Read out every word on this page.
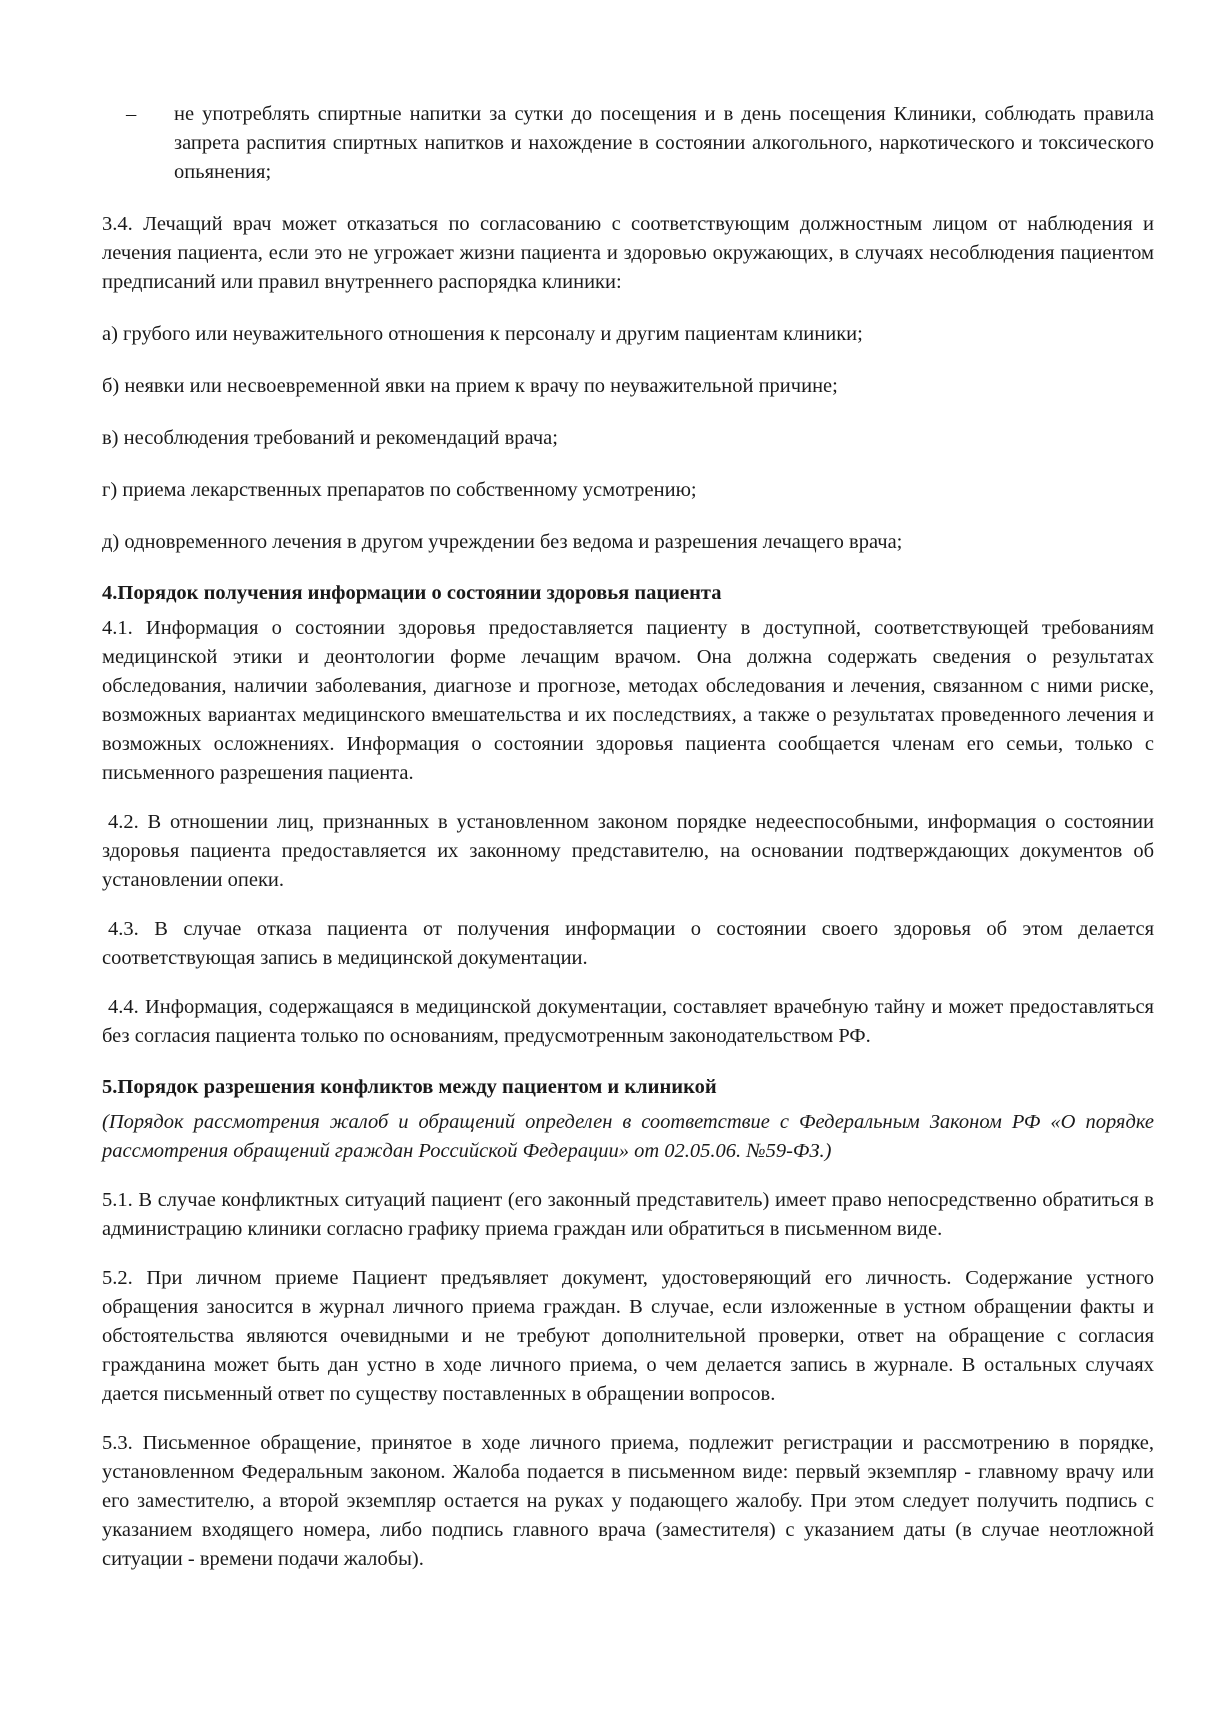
–	не употреблять спиртные напитки за сутки до посещения и в день посещения Клиники, соблюдать правила запрета распития спиртных напитков и нахождение в состоянии алкогольного, наркотического и токсического опьянения;

3.4. Лечащий врач может отказаться по согласованию с соответствующим должностным лицом от наблюдения и лечения пациента, если это не угрожает жизни пациента и здоровью окружающих, в случаях несоблюдения пациентом предписаний или правил внутреннего распорядка клиники:

а) грубого или неуважительного отношения к персоналу и другим пациентам клиники;

б) неявки или несвоевременной явки на прием к врачу по неуважительной причине;

в) несоблюдения требований и рекомендаций врача;

г) приема лекарственных препаратов по собственному усмотрению;

д) одновременного лечения в другом учреждении без ведома и разрешения лечащего врача;

4.Порядок получения информации о состоянии здоровья пациента

4.1. Информация о состоянии здоровья предоставляется пациенту в доступной, соответствующей требованиям медицинской этики и деонтологии форме лечащим врачом. Она должна содержать сведения о результатах обследования, наличии заболевания, диагнозе и прогнозе, методах обследования и лечения, связанном с ними риске, возможных вариантах медицинского вмешательства и их последствиях, а также о результатах проведенного лечения и возможных осложнениях. Информация о состоянии здоровья пациента сообщается членам его семьи, только с письменного разрешения пациента.

4.2. В отношении лиц, признанных в установленном законом порядке недееспособными, информация о состоянии здоровья пациента предоставляется их законному представителю, на основании подтверждающих документов об установлении опеки.

4.3. В случае отказа пациента от получения информации о состоянии своего здоровья об этом делается соответствующая запись в медицинской документации.

4.4. Информация, содержащаяся в медицинской документации, составляет врачебную тайну и может предоставляться без согласия пациента только по основаниям, предусмотренным законодательством РФ.

5.Порядок разрешения конфликтов между пациентом и клиникой

(Порядок рассмотрения жалоб и обращений определен в соответствие с Федеральным Законом РФ «О порядке рассмотрения обращений граждан Российской Федерации» от 02.05.06. №59-ФЗ.)

5.1. В случае конфликтных ситуаций пациент (его законный представитель) имеет право непосредственно обратиться в администрацию клиники согласно графику приема граждан или обратиться в письменном виде.

5.2. При личном приеме Пациент предъявляет документ, удостоверяющий его личность. Содержание устного обращения заносится в журнал личного приема граждан. В случае, если изложенные в устном обращении факты и обстоятельства являются очевидными и не требуют дополнительной проверки, ответ на обращение с согласия гражданина может быть дан устно в ходе личного приема, о чем делается запись в журнале. В остальных случаях дается письменный ответ по существу поставленных в обращении вопросов.

5.3. Письменное обращение, принятое в ходе личного приема, подлежит регистрации и рассмотрению в порядке, установленном Федеральным законом. Жалоба подается в письменном виде: первый экземпляр - главному врачу или его заместителю, а второй экземпляр остается на руках у подающего жалобу. При этом следует получить подпись с указанием входящего номера, либо подпись главного врача (заместителя) с указанием даты (в случае неотложной ситуации - времени подачи жалобы).
